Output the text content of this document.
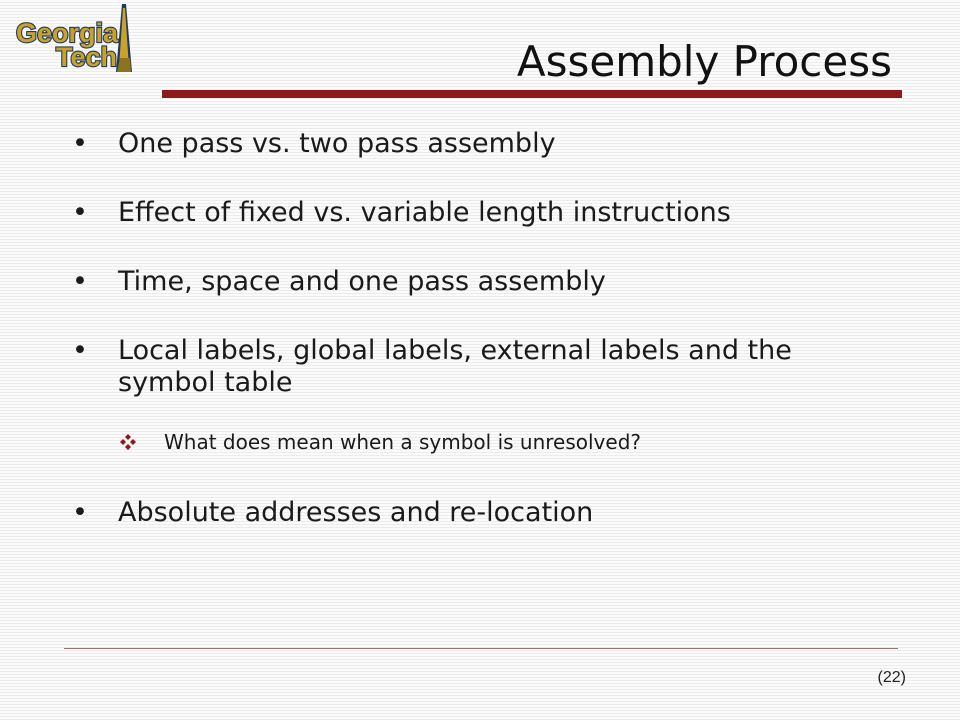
Georgia
Tech	Assembly Process
• One pass vs. two pass assembly
• Effect of fixed vs. variable length instructions
• Time, space and one pass assembly
• Local labels, global labels, external labels and the symbol table
What does mean when a symbol is unresolved?
• Absolute addresses and re-location
(22)
